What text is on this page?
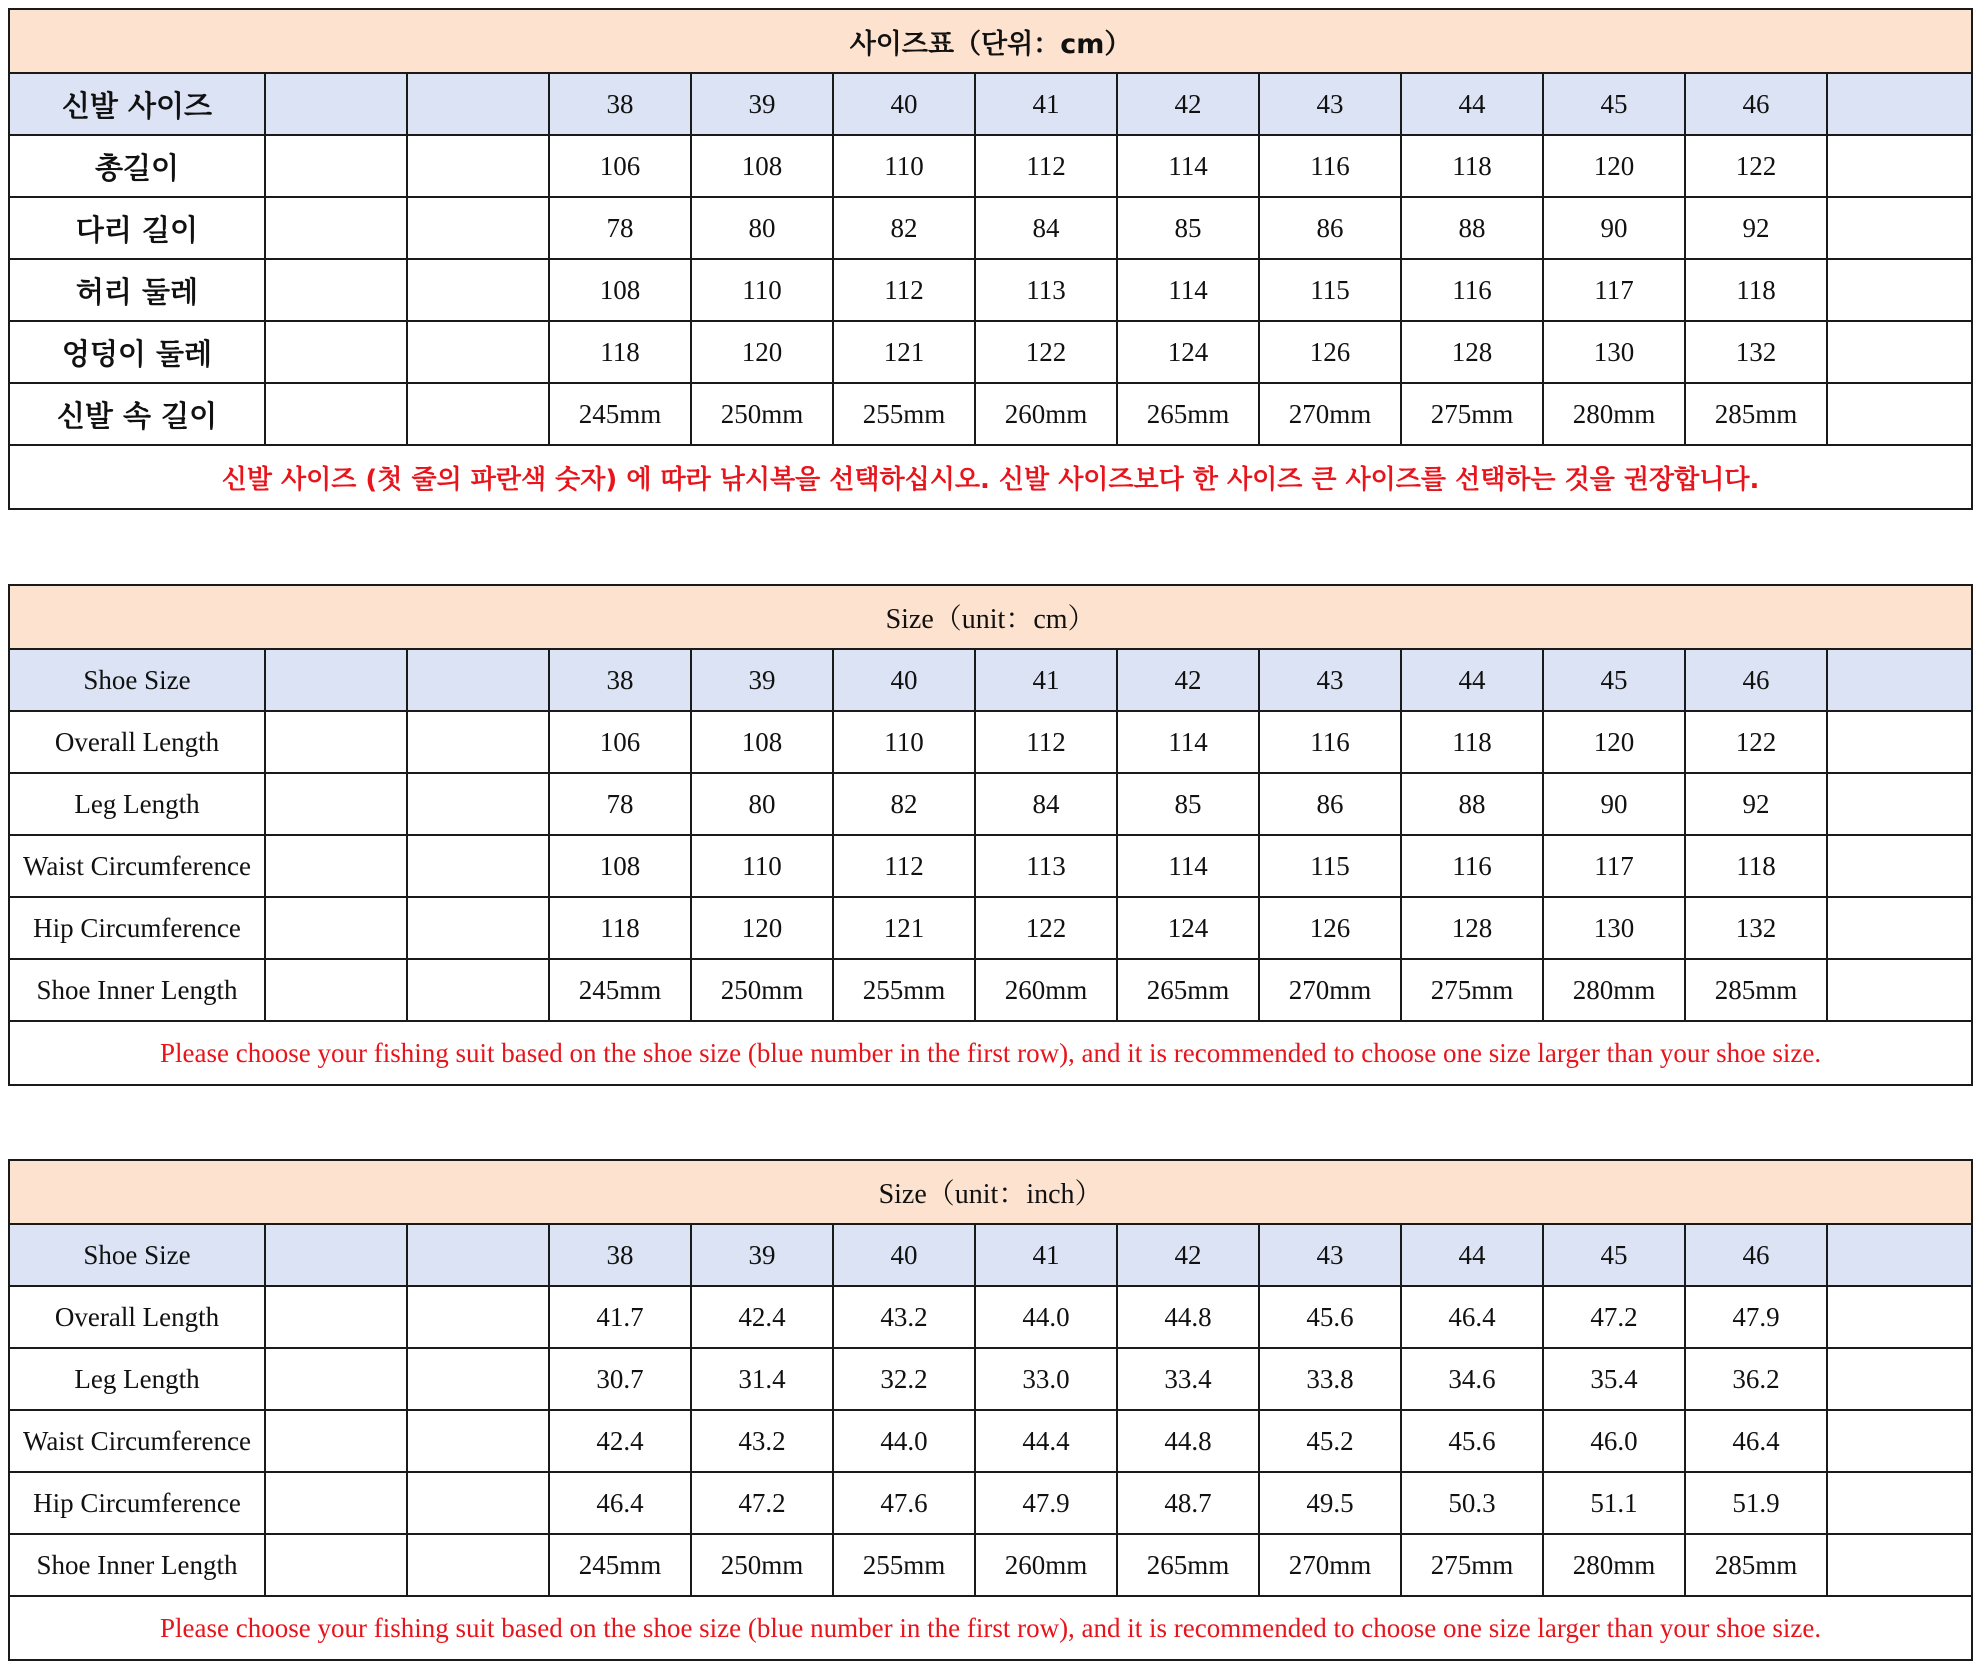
사이즈표（단위：cm）												
신발 사이즈			38	39	40	41	42	43	44	45	46	
총길이			106	108	110	112	114	116	118	120	122	
다리 길이			78	80	82	84	85	86	88	90	92	
허리 둘레			108	110	112	113	114	115	116	117	118	
엉덩이 둘레			118	120	121	122	124	126	128	130	132	
신발 속 길이			245mm	250mm	255mm	260mm	265mm	270mm	275mm	280mm	285mm	
신발 사이즈 (첫 줄의 파란색 숫자) 에 따라 낚시복을 선택하십시오. 신발 사이즈보다 한 사이즈 큰 사이즈를 선택하는 것을 권장합니다.												
Size（unit：cm）												
Shoe Size			38	39	40	41	42	43	44	45	46	
Overall Length			106	108	110	112	114	116	118	120	122	
Leg Length			78	80	82	84	85	86	88	90	92	
Waist Circumference			108	110	112	113	114	115	116	117	118	
Hip Circumference			118	120	121	122	124	126	128	130	132	
Shoe Inner Length			245mm	250mm	255mm	260mm	265mm	270mm	275mm	280mm	285mm	
Please choose your fishing suit based on the shoe size (blue number in the first row), and it is recommended to choose one size larger than your shoe size.												
Size（unit：inch）												
Shoe Size			38	39	40	41	42	43	44	45	46	
Overall Length			41.7	42.4	43.2	44.0	44.8	45.6	46.4	47.2	47.9	
Leg Length			30.7	31.4	32.2	33.0	33.4	33.8	34.6	35.4	36.2	
Waist Circumference			42.4	43.2	44.0	44.4	44.8	45.2	45.6	46.0	46.4	
Hip Circumference			46.4	47.2	47.6	47.9	48.7	49.5	50.3	51.1	51.9	
Shoe Inner Length			245mm	250mm	255mm	260mm	265mm	270mm	275mm	280mm	285mm	
Please choose your fishing suit based on the shoe size (blue number in the first row), and it is recommended to choose one size larger than your shoe size.												
